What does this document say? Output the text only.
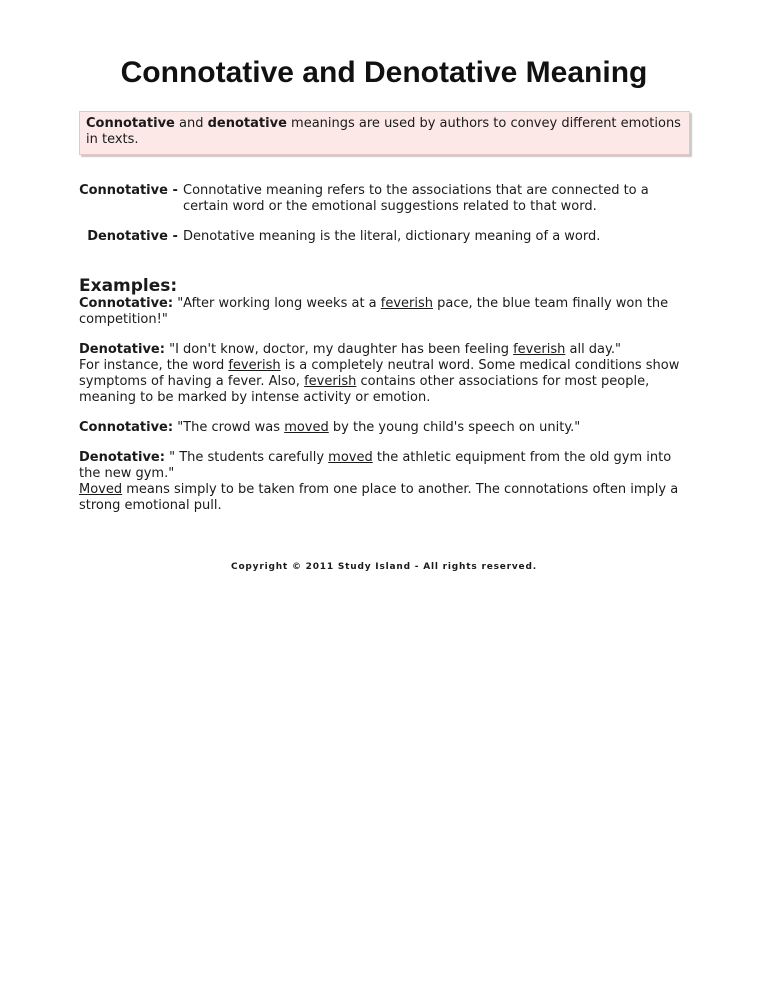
Connotative and Denotative Meaning
Connotative and denotative meanings are used by authors to convey different emotions in texts.
Connotative - Connotative meaning refers to the associations that are connected to a certain word or the emotional suggestions related to that word.
Denotative - Denotative meaning is the literal, dictionary meaning of a word.
Examples:
Connotative: "After working long weeks at a feverish pace, the blue team finally won the competition!"
Denotative: "I don't know, doctor, my daughter has been feeling feverish all day."
For instance, the word feverish is a completely neutral word. Some medical conditions show symptoms of having a fever. Also, feverish contains other associations for most people, meaning to be marked by intense activity or emotion.
Connotative: "The crowd was moved by the young child's speech on unity."
Denotative: " The students carefully moved the athletic equipment from the old gym into the new gym."
Moved means simply to be taken from one place to another. The connotations often imply a strong emotional pull.
Copyright © 2011 Study Island - All rights reserved.
